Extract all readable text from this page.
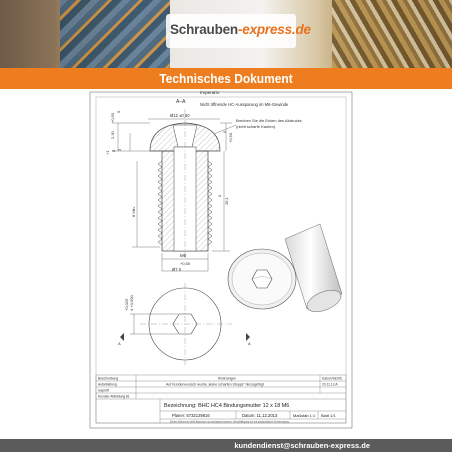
Schrauben-express.de
Technisches Dokument
A–A
Imperativ:
Nicht öffnende HC-Aussparung im M6-Gewinde
Brechen Sie die Ecken des Abdrucks
(nicht scharfe Kanten).
Ø12 ±0,50
+0,50
0
2,30
+1 0 3
8 Min.
M6
+0,50
Ø7 0
+0,50
0
0
15,1
+0,025 4 +0,000
A	A
Beschreibung	Änderungen	Datum/Sichtb.
Aufarbeitung	Auf Kundenwunsch wurde „keine scharfen Stopps“ hinzugefügt	20.11.13 A
Geprüft
Kunden-Abbildung 81
Bezeichnung: BHC HC4 Bindungsmutter 12 x 18 M6
Planer: 6732129816	Datum: 11.12.2013	Maßstab 1:1 Blatt 1/1
Dieses Dokument bleibt Eigentum von schrauben-express. Vervielfältigung nur mit ausdrücklicher Genehmigung.
kundendienst@schrauben-express.de
